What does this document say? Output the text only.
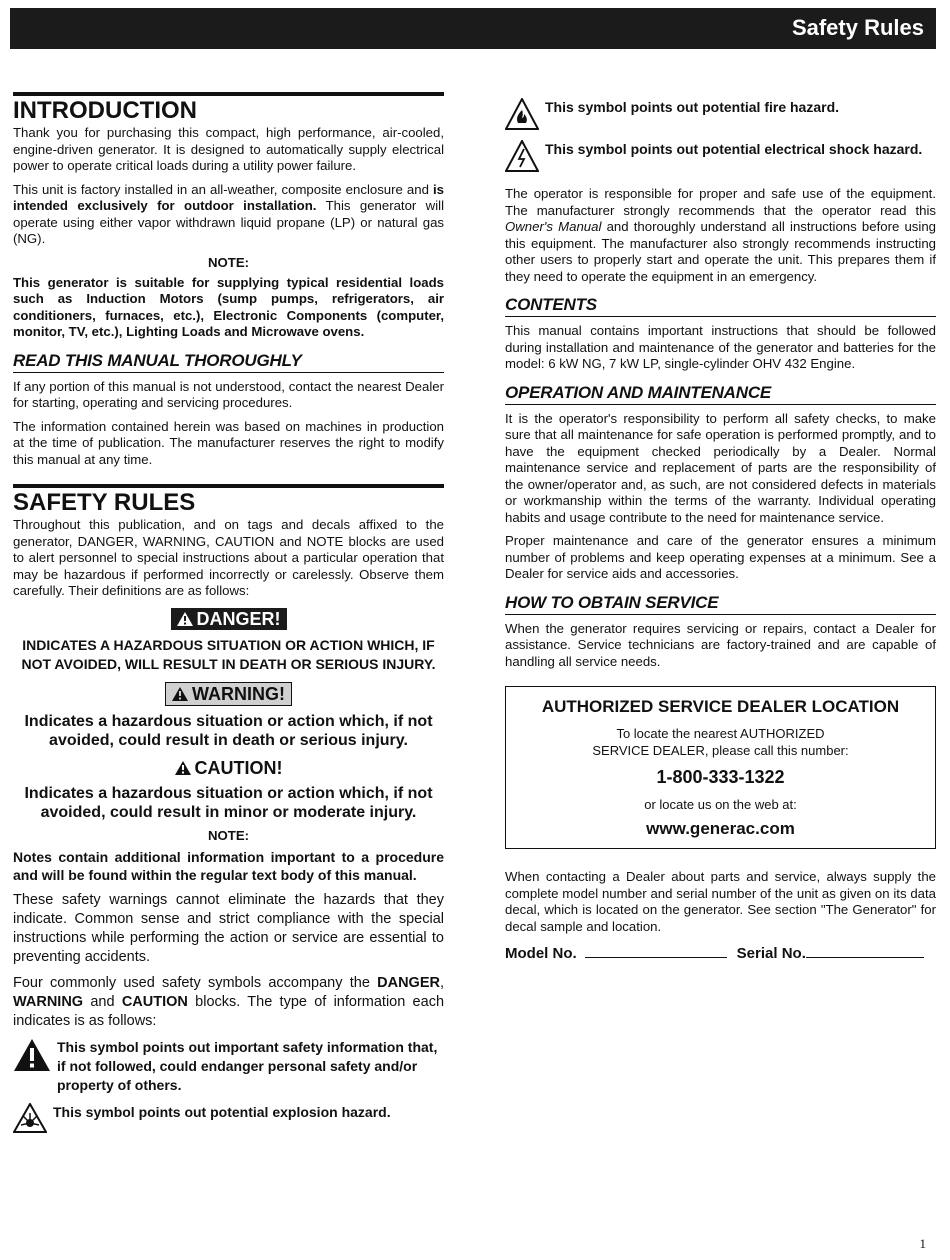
Safety Rules
INTRODUCTION

Thank you for purchasing this compact, high performance, air-cooled, engine-driven generator. It is designed to automatically supply electrical power to operate critical loads during a utility power failure.

This unit is factory installed in an all-weather, composite enclosure and is intended exclusively for outdoor installation. This generator will operate using either vapor withdrawn liquid propane (LP) or natural gas (NG).

NOTE:

This generator is suitable for supplying typical residential loads such as Induction Motors (sump pumps, refrigerators, air conditioners, furnaces, etc.), Electronic Components (computer, monitor, TV, etc.), Lighting Loads and Microwave ovens.

READ THIS MANUAL THOROUGHLY

If any portion of this manual is not understood, contact the nearest Dealer for starting, operating and servicing procedures.

The information contained herein was based on machines in production at the time of publication. The manufacturer reserves the right to modify this manual at any time.

SAFETY RULES

Throughout this publication, and on tags and decals affixed to the generator, DANGER, WARNING, CAUTION and NOTE blocks are used to alert personnel to special instructions about a particular operation that may be hazardous if performed incorrectly or carelessly. Observe them carefully. Their definitions are as follows:

DANGER!
INDICATES A HAZARDOUS SITUATION OR ACTION WHICH, IF NOT AVOIDED, WILL RESULT IN DEATH OR SERIOUS INJURY.
WARNING!
Indicates a hazardous situation or action which, if not avoided, could result in death or serious injury.
CAUTION!
Indicates a hazardous situation or action which, if not avoided, could result in minor or moderate injury.
NOTE:

Notes contain additional information important to a procedure and will be found within the regular text body of this manual.

These safety warnings cannot eliminate the hazards that they indicate. Common sense and strict compliance with the special instructions while performing the action or service are essential to preventing accidents.

Four commonly used safety symbols accompany the DANGER, WARNING and CAUTION blocks. The type of information each indicates is as follows:

This symbol points out important safety information that, if not followed, could endanger personal safety and/or property of others.
This symbol points out potential explosion hazard.
This symbol points out potential fire hazard.
This symbol points out potential electrical shock hazard.

The operator is responsible for proper and safe use of the equipment. The manufacturer strongly recommends that the operator read this Owner's Manual and thoroughly understand all instructions before using this equipment. The manufacturer also strongly recommends instructing other users to properly start and operate the unit. This prepares them if they need to operate the equipment in an emergency.

CONTENTS

This manual contains important instructions that should be followed during installation and maintenance of the generator and batteries for the model: 6 kW NG, 7 kW LP, single-cylinder OHV 432 Engine.

OPERATION AND MAINTENANCE

It is the operator's responsibility to perform all safety checks, to make sure that all maintenance for safe operation is performed promptly, and to have the equipment checked periodically by a Dealer. Normal maintenance service and replacement of parts are the responsibility of the owner/operator and, as such, are not considered defects in materials or workmanship within the terms of the warranty. Individual operating habits and usage contribute to the need for maintenance service.

Proper maintenance and care of the generator ensures a minimum number of problems and keep operating expenses at a minimum. See a Dealer for service aids and accessories.

HOW TO OBTAIN SERVICE

When the generator requires servicing or repairs, contact a Dealer for assistance. Service technicians are factory-trained and are capable of handling all service needs.

AUTHORIZED SERVICE DEALER LOCATION
To locate the nearest AUTHORIZED
SERVICE DEALER, please call this number:
1-800-333-1322
or locate us on the web at:
www.generac.com

When contacting a Dealer about parts and service, always supply the complete model number and serial number of the unit as given on its data decal, which is located on the generator. See section "The Generator" for decal sample and location.

Model No.	Serial No.
1
